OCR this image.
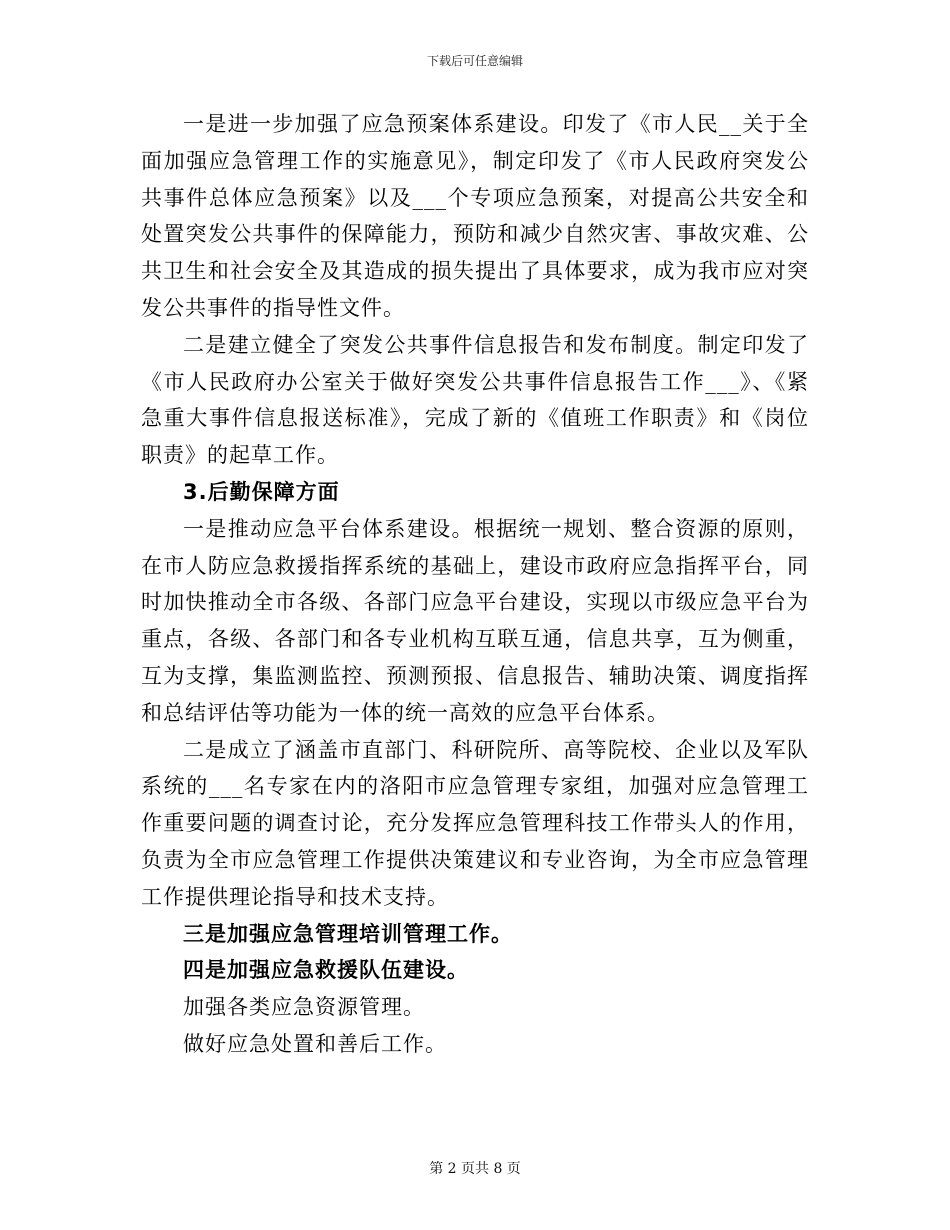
下载后可任意编辑

一是进一步加强了应急预案体系建设。印发了《市人民__关于全面加强应急管理工作的实施意见》，制定印发了《市人民政府突发公共事件总体应急预案》以及___个专项应急预案，对提高公共安全和处置突发公共事件的保障能力，预防和减少自然灾害、事故灾难、公共卫生和社会安全及其造成的损失提出了具体要求，成为我市应对突发公共事件的指导性文件。

二是建立健全了突发公共事件信息报告和发布制度。制定印发了《市人民政府办公室关于做好突发公共事件信息报告工作___》、《紧急重大事件信息报送标准》，完成了新的《值班工作职责》和《岗位职责》的起草工作。

3.后勤保障方面

一是推动应急平台体系建设。根据统一规划、整合资源的原则，在市人防应急救援指挥系统的基础上，建设市政府应急指挥平台，同时加快推动全市各级、各部门应急平台建设，实现以市级应急平台为重点，各级、各部门和各专业机构互联互通，信息共享，互为侧重，互为支撑，集监测监控、预测预报、信息报告、辅助决策、调度指挥和总结评估等功能为一体的统一高效的应急平台体系。

二是成立了涵盖市直部门、科研院所、高等院校、企业以及军队系统的___名专家在内的洛阳市应急管理专家组，加强对应急管理工作重要问题的调查讨论，充分发挥应急管理科技工作带头人的作用，负责为全市应急管理工作提供决策建议和专业咨询，为全市应急管理工作提供理论指导和技术支持。

三是加强应急管理培训管理工作。

四是加强应急救援队伍建设。

加强各类应急资源管理。

做好应急处置和善后工作。

第 2 页共 8 页
